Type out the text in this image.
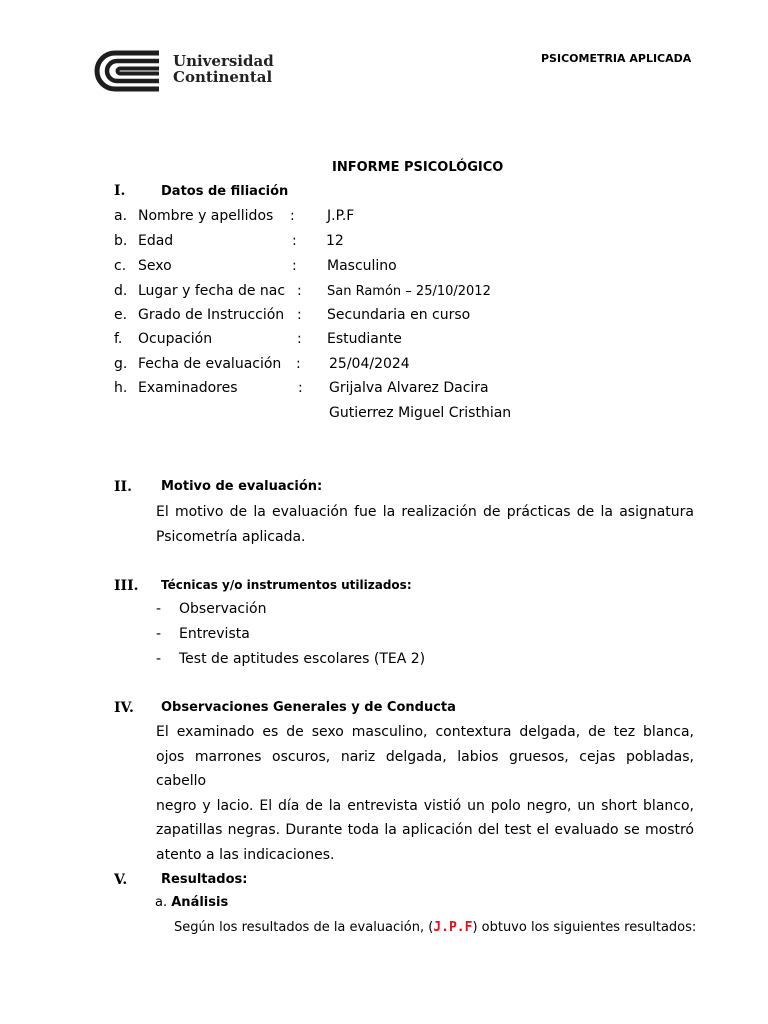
Universidad
Continental
PSICOMETRIA APLICADA
INFORME PSICOLÓGICO
I.	Datos de filiación
a. Nombre y apellidos : J.P.F
b. Edad	: 12
c. Sexo	: Masculino
d. Lugar y fecha de nac : San Ramón – 25/10/2012
e. Grado de Instrucción : Secundaria en curso
f. Ocupación	: Estudiante
g. Fecha de evaluación : 25/04/2024
h. Examinadores	: Grijalva Alvarez Dacira
Gutierrez Miguel Cristhian
II. Motivo de evaluación:
El motivo de la evaluación fue la realización de prácticas de la asignatura
Psicometría aplicada.
III. Técnicas y/o instrumentos utilizados:
- Observación
- Entrevista
- Test de aptitudes escolares (TEA 2)
IV. Observaciones Generales y de Conducta
El examinado es de sexo masculino, contextura delgada, de tez blanca,
ojos marrones oscuros, nariz delgada, labios gruesos, cejas pobladas, cabello
negro y lacio. El día de la entrevista vistió un polo negro, un short blanco,
zapatillas negras. Durante toda la aplicación del test el evaluado se mostró
atento a las indicaciones.
V.	Resultados:
a. Análisis
Según los resultados de la evaluación, (J.P.F) obtuvo los siguientes resultados:
